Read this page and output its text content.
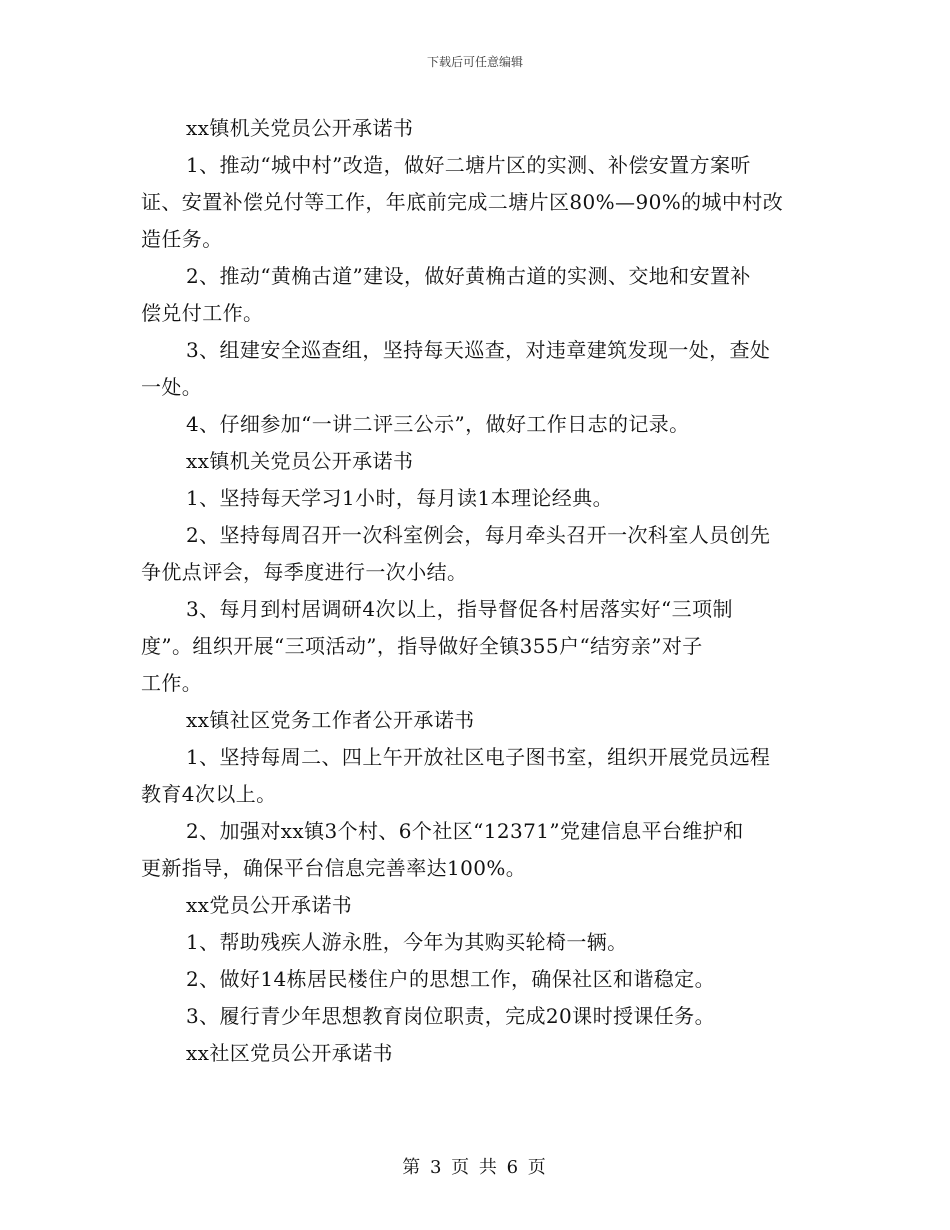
下载后可任意编辑
xx镇机关党员公开承诺书
1、推动“城中村”改造，做好二塘片区的实测、补偿安置方案听
证、安置补偿兑付等工作，年底前完成二塘片区80%—90%的城中村改
造任务。
2、推动“黄桷古道”建设，做好黄桷古道的实测、交地和安置补
偿兑付工作。
3、组建安全巡查组，坚持每天巡查，对违章建筑发现一处，查处
一处。
4、仔细参加“一讲二评三公示”，做好工作日志的记录。
xx镇机关党员公开承诺书
1、坚持每天学习1小时，每月读1本理论经典。
2、坚持每周召开一次科室例会，每月牵头召开一次科室人员创先
争优点评会，每季度进行一次小结。
3、每月到村居调研4次以上，指导督促各村居落实好“三项制
度”。组织开展“三项活动”，指导做好全镇355户“结穷亲”对子
工作。
xx镇社区党务工作者公开承诺书
1、坚持每周二、四上午开放社区电子图书室，组织开展党员远程
教育4次以上。
2、加强对xx镇3个村、6个社区“12371”党建信息平台维护和
更新指导，确保平台信息完善率达100%。
xx党员公开承诺书
1、帮助残疾人游永胜，今年为其购买轮椅一辆。
2、做好14栋居民楼住户的思想工作，确保社区和谐稳定。
3、履行青少年思想教育岗位职责，完成20课时授课任务。
xx社区党员公开承诺书
第 3 页 共 6 页
